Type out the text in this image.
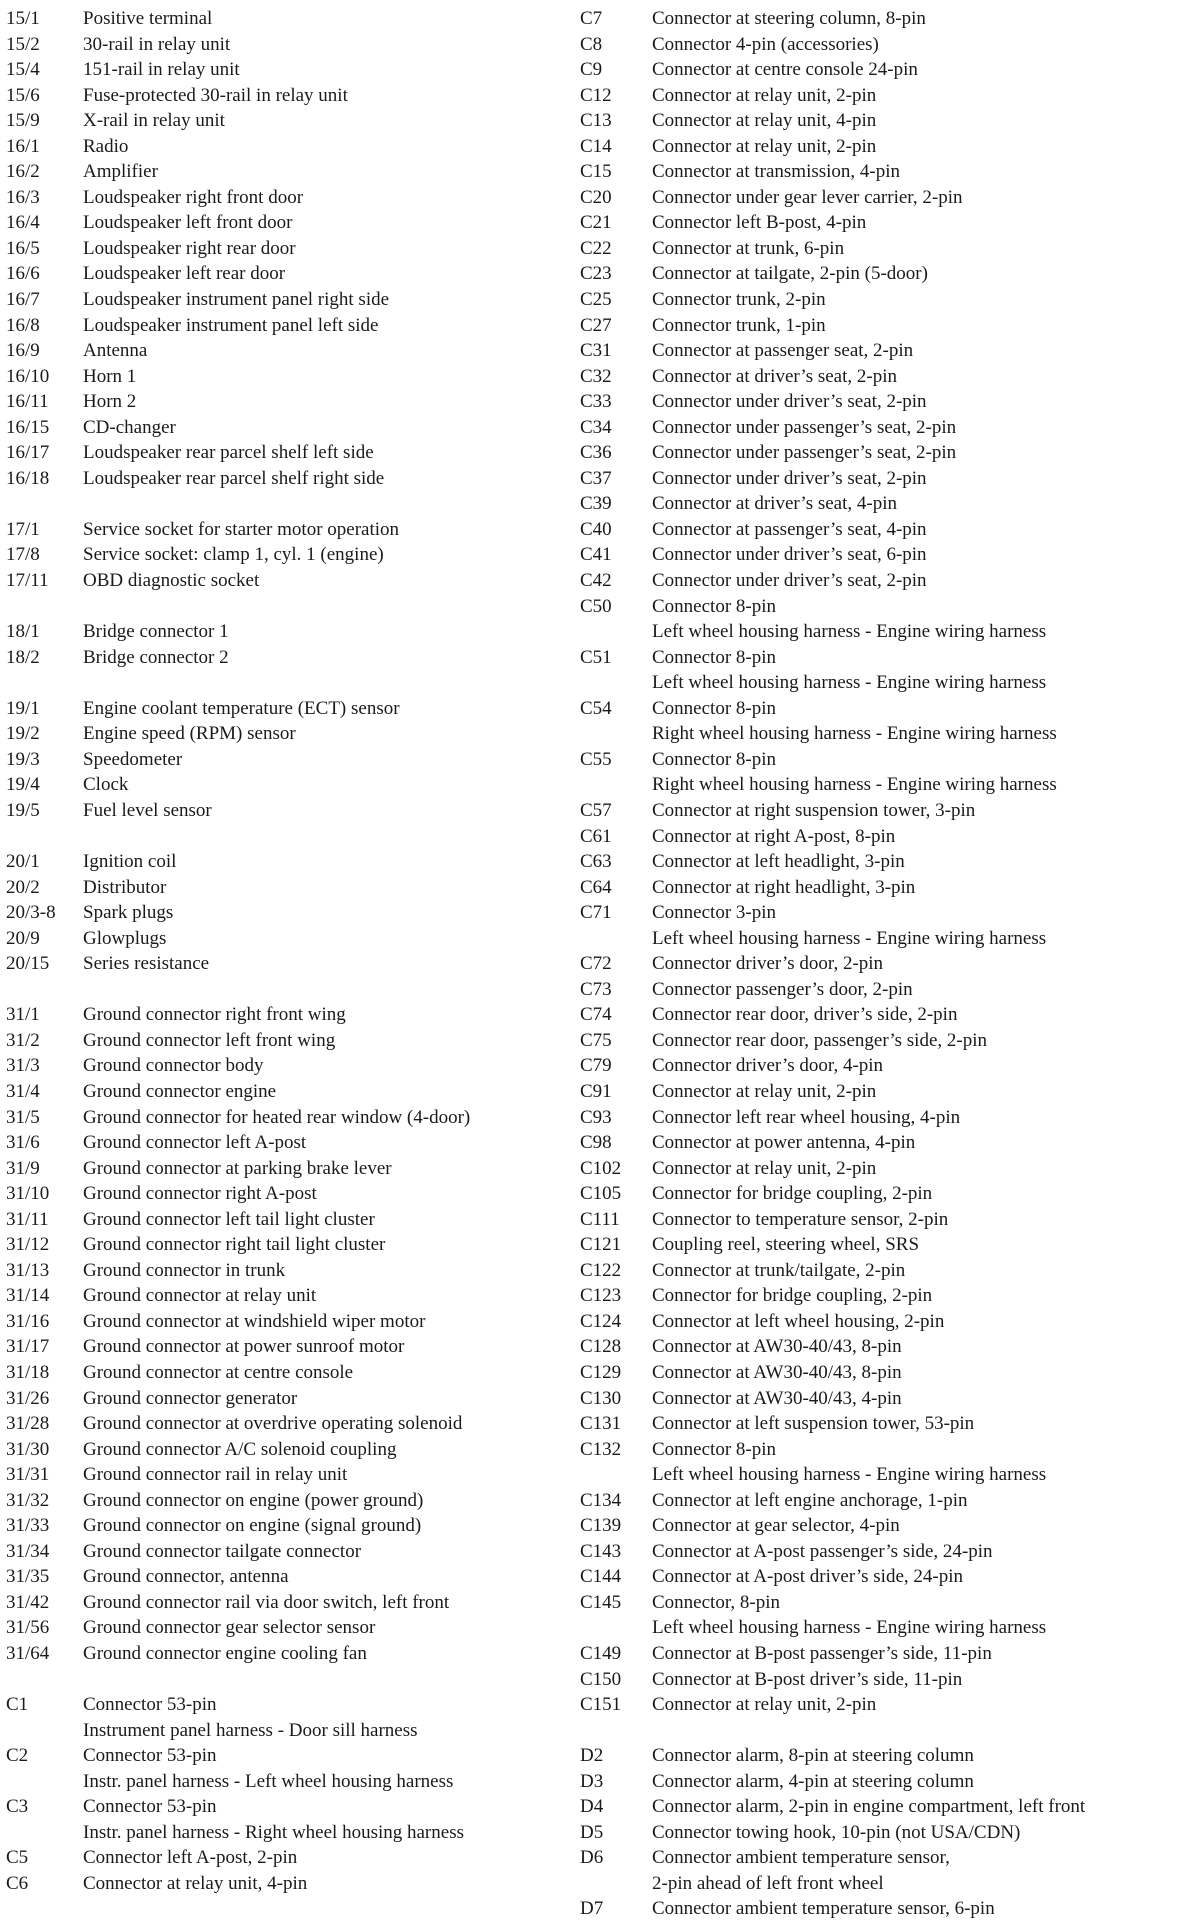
15/1	Positive terminal
15/2	30-rail in relay unit
15/4	151-rail in relay unit
15/6	Fuse-protected 30-rail in relay unit
15/9	X-rail in relay unit
16/1	Radio
16/2	Amplifier
16/3	Loudspeaker right front door
16/4	Loudspeaker left front door
16/5	Loudspeaker right rear door
16/6	Loudspeaker left rear door
16/7	Loudspeaker instrument panel right side
16/8	Loudspeaker instrument panel left side
16/9	Antenna
16/10	Horn 1
16/11	Horn 2
16/15	CD-changer
16/17	Loudspeaker rear parcel shelf left side
16/18	Loudspeaker rear parcel shelf right side
17/1	Service socket for starter motor operation
17/8	Service socket: clamp 1, cyl. 1 (engine)
17/11	OBD diagnostic socket
18/1	Bridge connector 1
18/2	Bridge connector 2
19/1	Engine coolant temperature (ECT) sensor
19/2	Engine speed (RPM) sensor
19/3	Speedometer
19/4	Clock
19/5	Fuel level sensor
20/1	Ignition coil
20/2	Distributor
20/3-8	Spark plugs
20/9	Glowplugs
20/15	Series resistance
31/1	Ground connector right front wing
31/2	Ground connector left front wing
31/3	Ground connector body
31/4	Ground connector engine
31/5	Ground connector for heated rear window (4-door)
31/6	Ground connector left A-post
31/9	Ground connector at parking brake lever
31/10	Ground connector right A-post
31/11	Ground connector left tail light cluster
31/12	Ground connector right tail light cluster
31/13	Ground connector in trunk
31/14	Ground connector at relay unit
31/16	Ground connector at windshield wiper motor
31/17	Ground connector at power sunroof motor
31/18	Ground connector at centre console
31/26	Ground connector generator
31/28	Ground connector at overdrive operating solenoid
31/30	Ground connector A/C solenoid coupling
31/31	Ground connector rail in relay unit
31/32	Ground connector on engine (power ground)
31/33	Ground connector on engine (signal ground)
31/34	Ground connector tailgate connector
31/35	Ground connector, antenna
31/42	Ground connector rail via door switch, left front
31/56	Ground connector gear selector sensor
31/64	Ground connector engine cooling fan
C1	Connector 53-pin
Instrument panel harness - Door sill harness
C2	Connector 53-pin
Instr. panel harness - Left wheel housing harness
C3	Connector 53-pin
Instr. panel harness - Right wheel housing harness
C5	Connector left A-post, 2-pin
C6	Connector at relay unit, 4-pin
C7	Connector at steering column, 8-pin
C8	Connector 4-pin (accessories)
C9	Connector at centre console 24-pin
C12	Connector at relay unit, 2-pin
C13	Connector at relay unit, 4-pin
C14	Connector at relay unit, 2-pin
C15	Connector at transmission, 4-pin
C20	Connector under gear lever carrier, 2-pin
C21	Connector left B-post, 4-pin
C22	Connector at trunk, 6-pin
C23	Connector at tailgate, 2-pin (5-door)
C25	Connector trunk, 2-pin
C27	Connector trunk, 1-pin
C31	Connector at passenger seat, 2-pin
C32	Connector at driver’s seat, 2-pin
C33	Connector under driver’s seat, 2-pin
C34	Connector under passenger’s seat, 2-pin
C36	Connector under passenger’s seat, 2-pin
C37	Connector under driver’s seat, 2-pin
C39	Connector at driver’s seat, 4-pin
C40	Connector at passenger’s seat, 4-pin
C41	Connector under driver’s seat, 6-pin
C42	Connector under driver’s seat, 2-pin
C50	Connector 8-pin
Left wheel housing harness - Engine wiring harness
C51	Connector 8-pin
Left wheel housing harness - Engine wiring harness
C54	Connector 8-pin
Right wheel housing harness - Engine wiring harness
C55	Connector 8-pin
Right wheel housing harness - Engine wiring harness
C57	Connector at right suspension tower, 3-pin
C61	Connector at right A-post, 8-pin
C63	Connector at left headlight, 3-pin
C64	Connector at right headlight, 3-pin
C71	Connector 3-pin
Left wheel housing harness - Engine wiring harness
C72	Connector driver’s door, 2-pin
C73	Connector passenger’s door, 2-pin
C74	Connector rear door, driver’s side, 2-pin
C75	Connector rear door, passenger’s side, 2-pin
C79	Connector driver’s door, 4-pin
C91	Connector at relay unit, 2-pin
C93	Connector left rear wheel housing, 4-pin
C98	Connector at power antenna, 4-pin
C102	Connector at relay unit, 2-pin
C105	Connector for bridge coupling, 2-pin
C111	Connector to temperature sensor, 2-pin
C121	Coupling reel, steering wheel, SRS
C122	Connector at trunk/tailgate, 2-pin
C123	Connector for bridge coupling, 2-pin
C124	Connector at left wheel housing, 2-pin
C128	Connector at AW30-40/43, 8-pin
C129	Connector at AW30-40/43, 8-pin
C130	Connector at AW30-40/43, 4-pin
C131	Connector at left suspension tower, 53-pin
C132	Connector 8-pin
Left wheel housing harness - Engine wiring harness
C134	Connector at left engine anchorage, 1-pin
C139	Connector at gear selector, 4-pin
C143	Connector at A-post passenger’s side, 24-pin
C144	Connector at A-post driver’s side, 24-pin
C145	Connector, 8-pin
Left wheel housing harness - Engine wiring harness
C149	Connector at B-post passenger’s side, 11-pin
C150	Connector at B-post driver’s side, 11-pin
C151	Connector at relay unit, 2-pin
D2	Connector alarm, 8-pin at steering column
D3	Connector alarm, 4-pin at steering column
D4	Connector alarm, 2-pin in engine compartment, left front
D5	Connector towing hook, 10-pin (not USA/CDN)
D6	Connector ambient temperature sensor,
2-pin ahead of left front wheel
D7	Connector ambient temperature sensor, 6-pin
